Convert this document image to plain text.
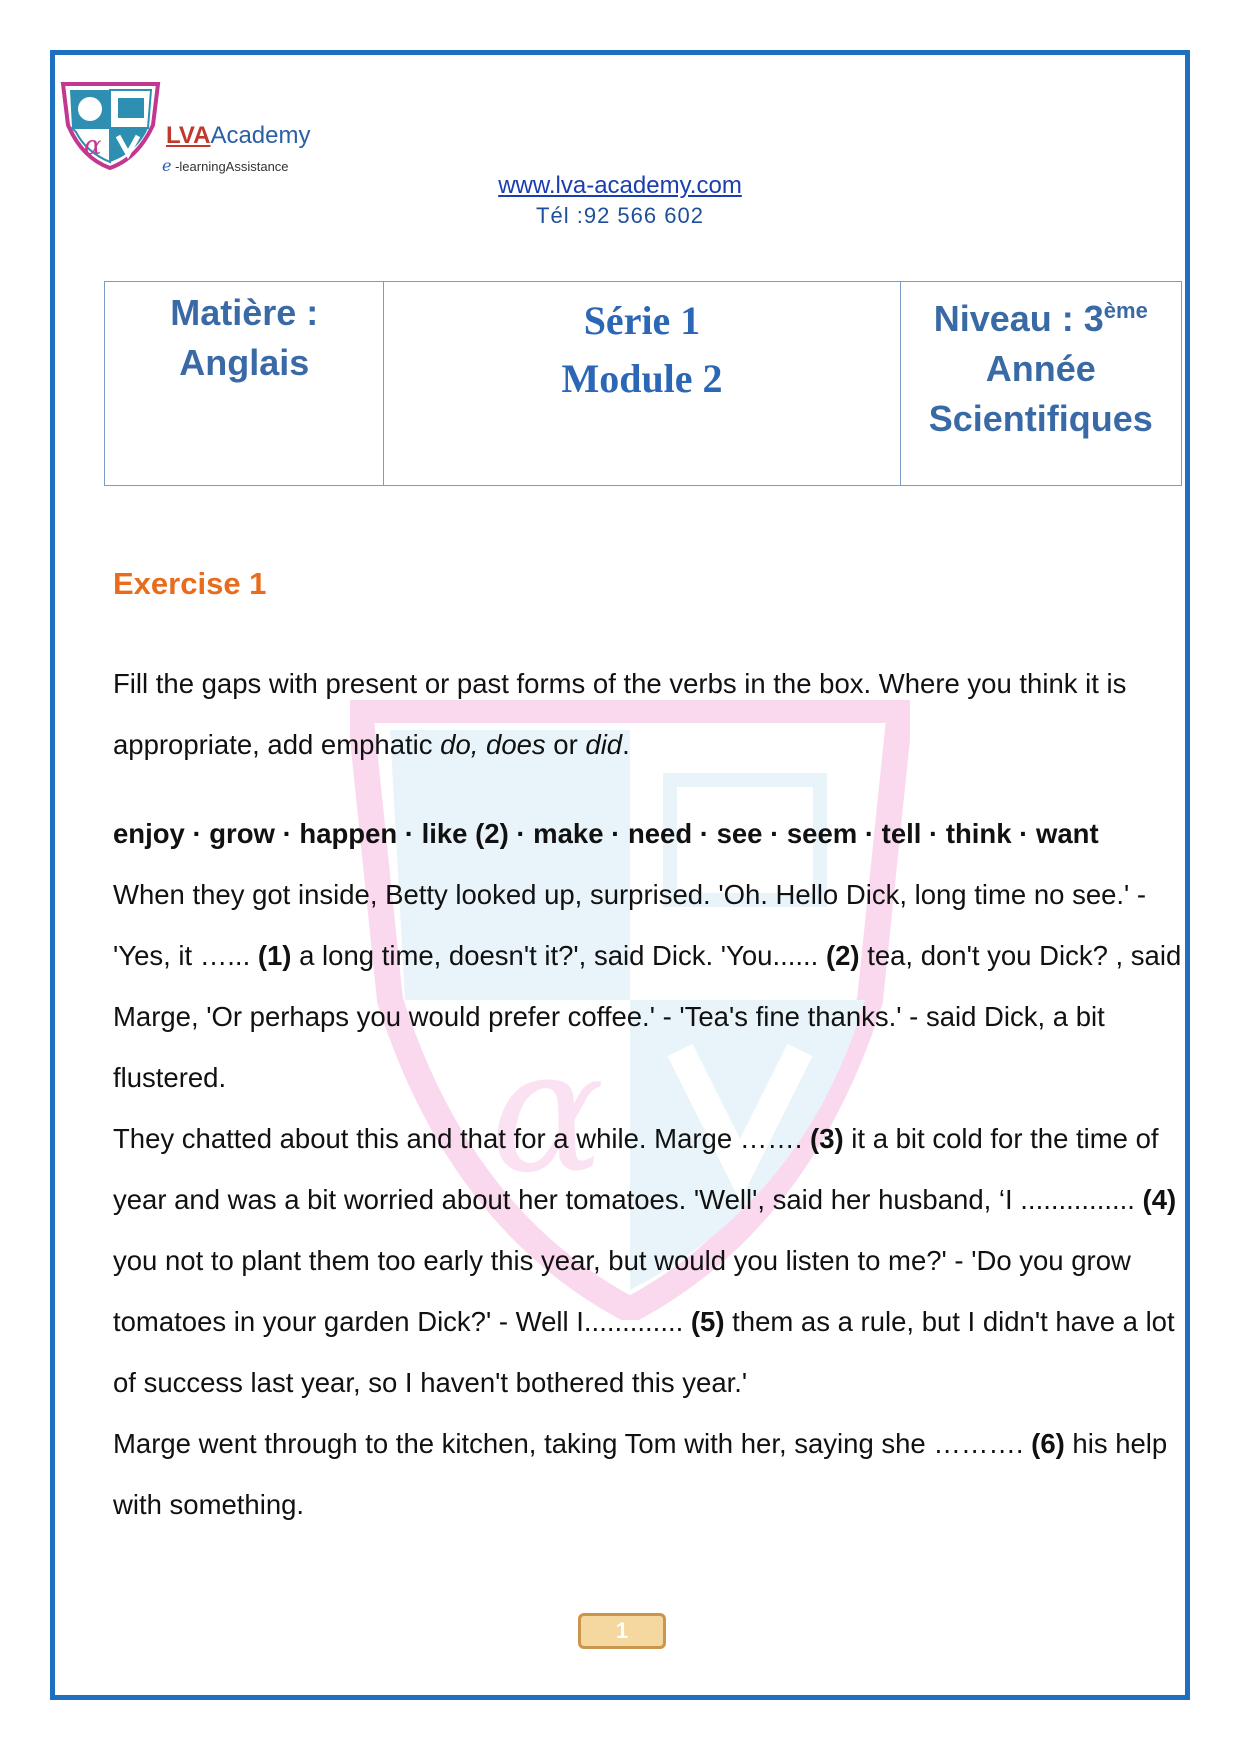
α	LVAAcademy
e -learningAssistance
www.lva-academy.com
Tél :92 566 602
Matière :
Anglais
Série 1
Module 2
Niveau : 3ème
Année
Scientifiques
α
Exercise 1

Fill the gaps with present or past forms of the verbs in the box. Where you think it is appropriate, add emphatic do, does or did.

enjoy · grow · happen · like (2) · make · need · see · seem · tell · think · want

When they got inside, Betty looked up, surprised. 'Oh. Hello Dick, long time no see.' - 'Yes, it …... (1) a long time, doesn't it?', said Dick. 'You...... (2) tea, don't you Dick? , said Marge, 'Or perhaps you would prefer coffee.' - 'Tea's fine thanks.' - said Dick, a bit flustered.

They chatted about this and that for a while. Marge ……. (3) it a bit cold for the time of year and was a bit worried about her tomatoes. 'Well', said her husband, ‘I ............... (4) you not to plant them too early this year, but would you listen to me?' - 'Do you grow tomatoes in your garden Dick?' - Well I............. (5) them as a rule, but I didn't have a lot of success last year, so I haven't bothered this year.'

Marge went through to the kitchen, taking Tom with her, saying she ………. (6) his help with something.

1
